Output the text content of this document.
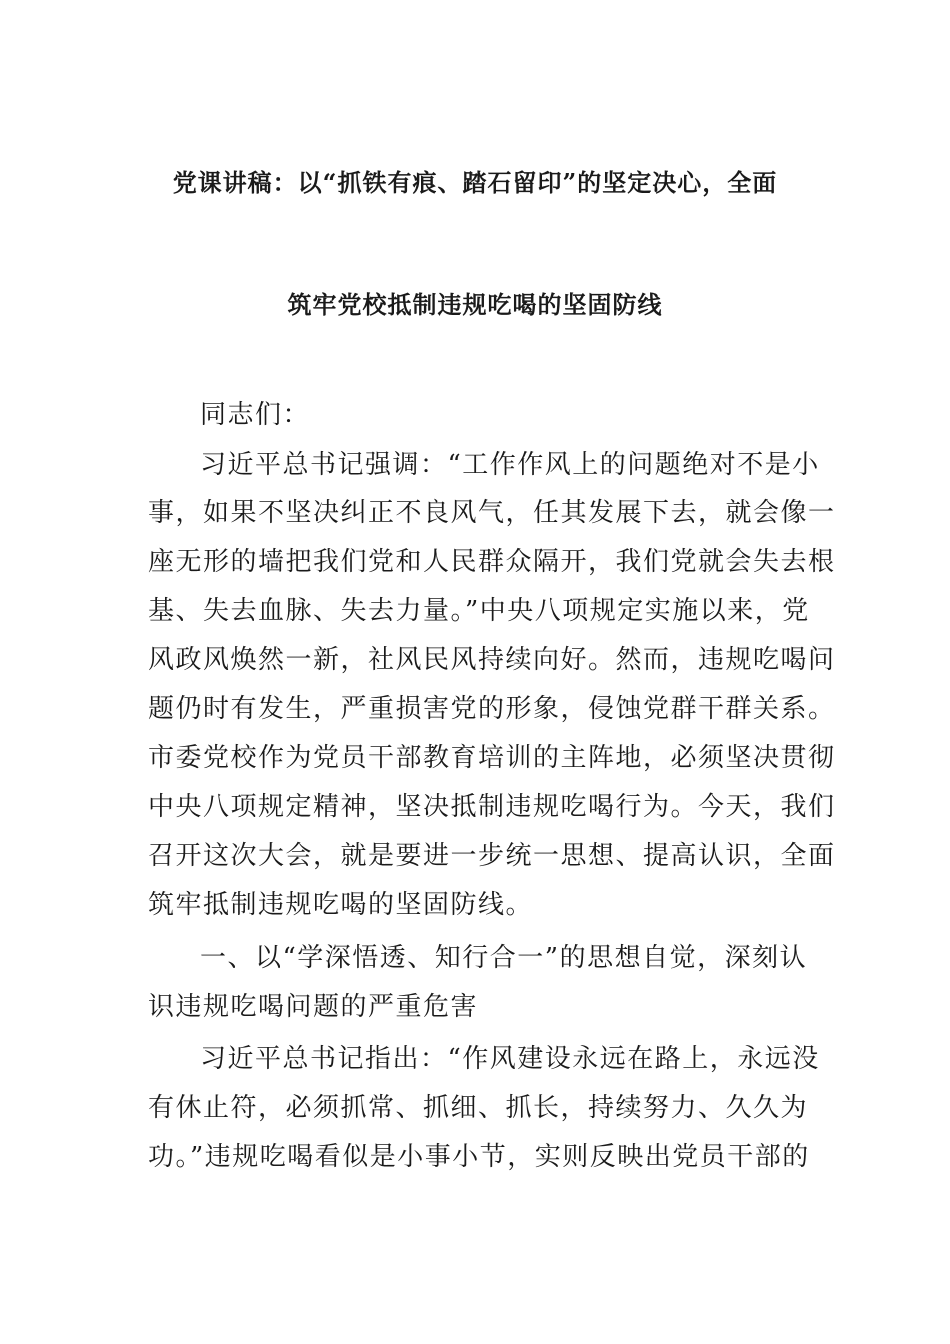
党课讲稿：以“抓铁有痕、踏石留印”的坚定决心，全面
筑牢党校抵制违规吃喝的坚固防线
同志们：
习近平总书记强调：“工作作风上的问题绝对不是小
事，如果不坚决纠正不良风气，任其发展下去，就会像一
座无形的墙把我们党和人民群众隔开，我们党就会失去根
基、失去血脉、失去力量。”中央八项规定实施以来，党
风政风焕然一新，社风民风持续向好。然而，违规吃喝问
题仍时有发生，严重损害党的形象，侵蚀党群干群关系。
市委党校作为党员干部教育培训的主阵地，必须坚决贯彻
中央八项规定精神，坚决抵制违规吃喝行为。今天，我们
召开这次大会，就是要进一步统一思想、提高认识，全面
筑牢抵制违规吃喝的坚固防线。
一、以“学深悟透、知行合一”的思想自觉，深刻认
识违规吃喝问题的严重危害
习近平总书记指出：“作风建设永远在路上，永远没
有休止符，必须抓常、抓细、抓长，持续努力、久久为
功。”违规吃喝看似是小事小节，实则反映出党员干部的
